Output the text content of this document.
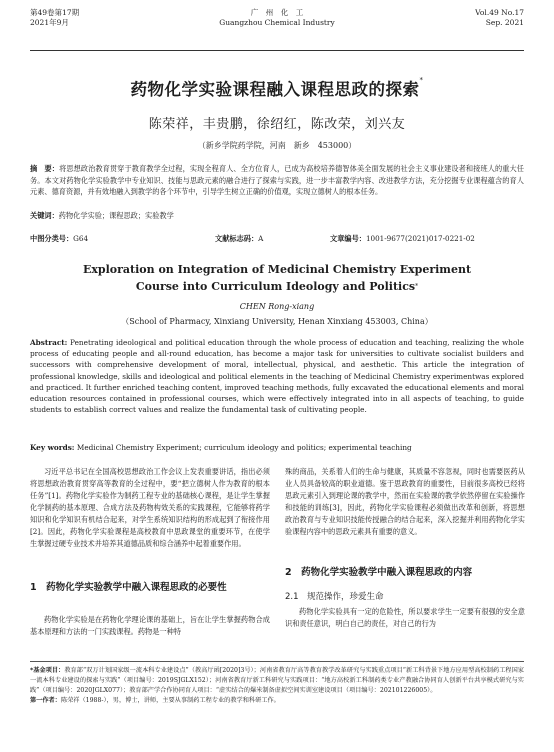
第49卷第17期
2021年9月
广　州　化　工
Guangzhou Chemical Industry
Vol.49 No.17
Sep. 2021
药物化学实验课程融入课程思政的探索*
陈荣祥，丰贵鹏，徐绍红，陈改荣，刘兴友
（新乡学院药学院，河南　新乡　453000）
摘　要：将思想政治教育贯穿于教育教学全过程，实现全程育人、全方位育人，已成为高校培养德智体美全面发展的社会主义事业建设者和接班人的重大任务。本文对药物化学实验教学中专业知识、技能与思政元素的融合进行了探索与实践，进一步丰富教学内容、改进教学方法，充分挖掘专业课程蕴含的育人元素、德育资源，并有效地融入到教学的各个环节中，引导学生树立正确的价值观，实现立德树人的根本任务。
关键词：药物化学实验；课程思政；实验教学
中图分类号：G64	文献标志码：A	文章编号：1001-9677(2021)017-0221-02
Exploration on Integration of Medicinal Chemistry Experiment Course into Curriculum Ideology and Politics*
CHEN Rong-xiang
（School of Pharmacy, Xinxiang University, Henan Xinxiang 453003, China）
Abstract: Penetrating ideological and political education through the whole process of education and teaching, realizing the whole process of educating people and all-round education, has become a major task for universities to cultivate socialist builders and successors with comprehensive development of moral, intellectual, physical, and aesthetic. This article the integration of professional knowledge, skills and ideological and political elements in the teaching of Medicinal Chemistry experimentwas explored and practiced. It further enriched teaching content, improved teaching methods, fully excavated the educational elements and moral education resources contained in professional courses, which were effectively integrated into in all aspects of teaching, to guide students to establish correct values and realize the fundamental task of cultivating people.
Key words: Medicinal Chemistry Experiment; curriculum ideology and politics; experimental teaching
习近平总书记在全国高校思想政治工作会议上发表重要讲话，指出必须将思想政治教育贯穿高等教育的全过程中，要“把立德树人作为教育的根本任务”[1]。药物化学实验作为制药工程专业的基础核心课程，是让学生掌握化学制药的基本原理、合成方法及药物构效关系的实践课程，它能够将药学知识和化学知识有机结合起来，对学生系统知识结构的形成起到了衔接作用[2]。因此，药物化学实验课程是高校教育中思政课堂的重要环节，在使学生掌握过硬专业技术并培养其道德品质和综合涵养中起着重要作用。
1　药物化学实验教学中融入课程思政的必要性
药物化学实验是在药物化学理论课的基础上，旨在让学生掌握药物合成基本原理和方法的一门实践课程。药物是一种特
殊的商品，关系着人们的生命与健康，其质量不容忽视，同时也需要医药从业人员具备较高的职业道德。鉴于思政教育的重要性，目前很多高校已经将思政元素引入到理论课的教学中，然而在实验课的教学依然停留在实验操作和技能的训练[3]，因此，药物化学实验课程必须做出改革和创新，将思想政治教育与专业知识技能传授融合的结合起来，深入挖掘并利用药物化学实验课程内容中的思政元素具有重要的意义。
2　药物化学实验教学中融入课程思政的内容
2.1　规范操作，珍爱生命
药物化学实验具有一定的危险性，所以要求学生一定要有很强的安全意识和责任意识，明白自己的责任，对自己的行为
*基金项目：教育部“双万计划国家级一流本科专业建设点”（教高厅函[2020]3号）；河南省教育厅高等教育教学改革研究与实践重点项目“新工科背景下地方应用型高校制药工程国家一流本科专业建设的探索与实践”（项目编号：2019SJGLX152）；河南省教育厅新工科研究与实践项目：“地方高校新工科制药类专业产教融合协同育人创新平台共享模式研究与实践”（项目编号：2020JGLX077）；教育部产学合作协同育人项目：“虚实结合的爆米制备虚拟空间实训室建设项目（项目编号：202101226005）。
第一作者：陈荣祥（1988-），男，博士，讲师，主要从事制药工程专业的教学和科研工作。
